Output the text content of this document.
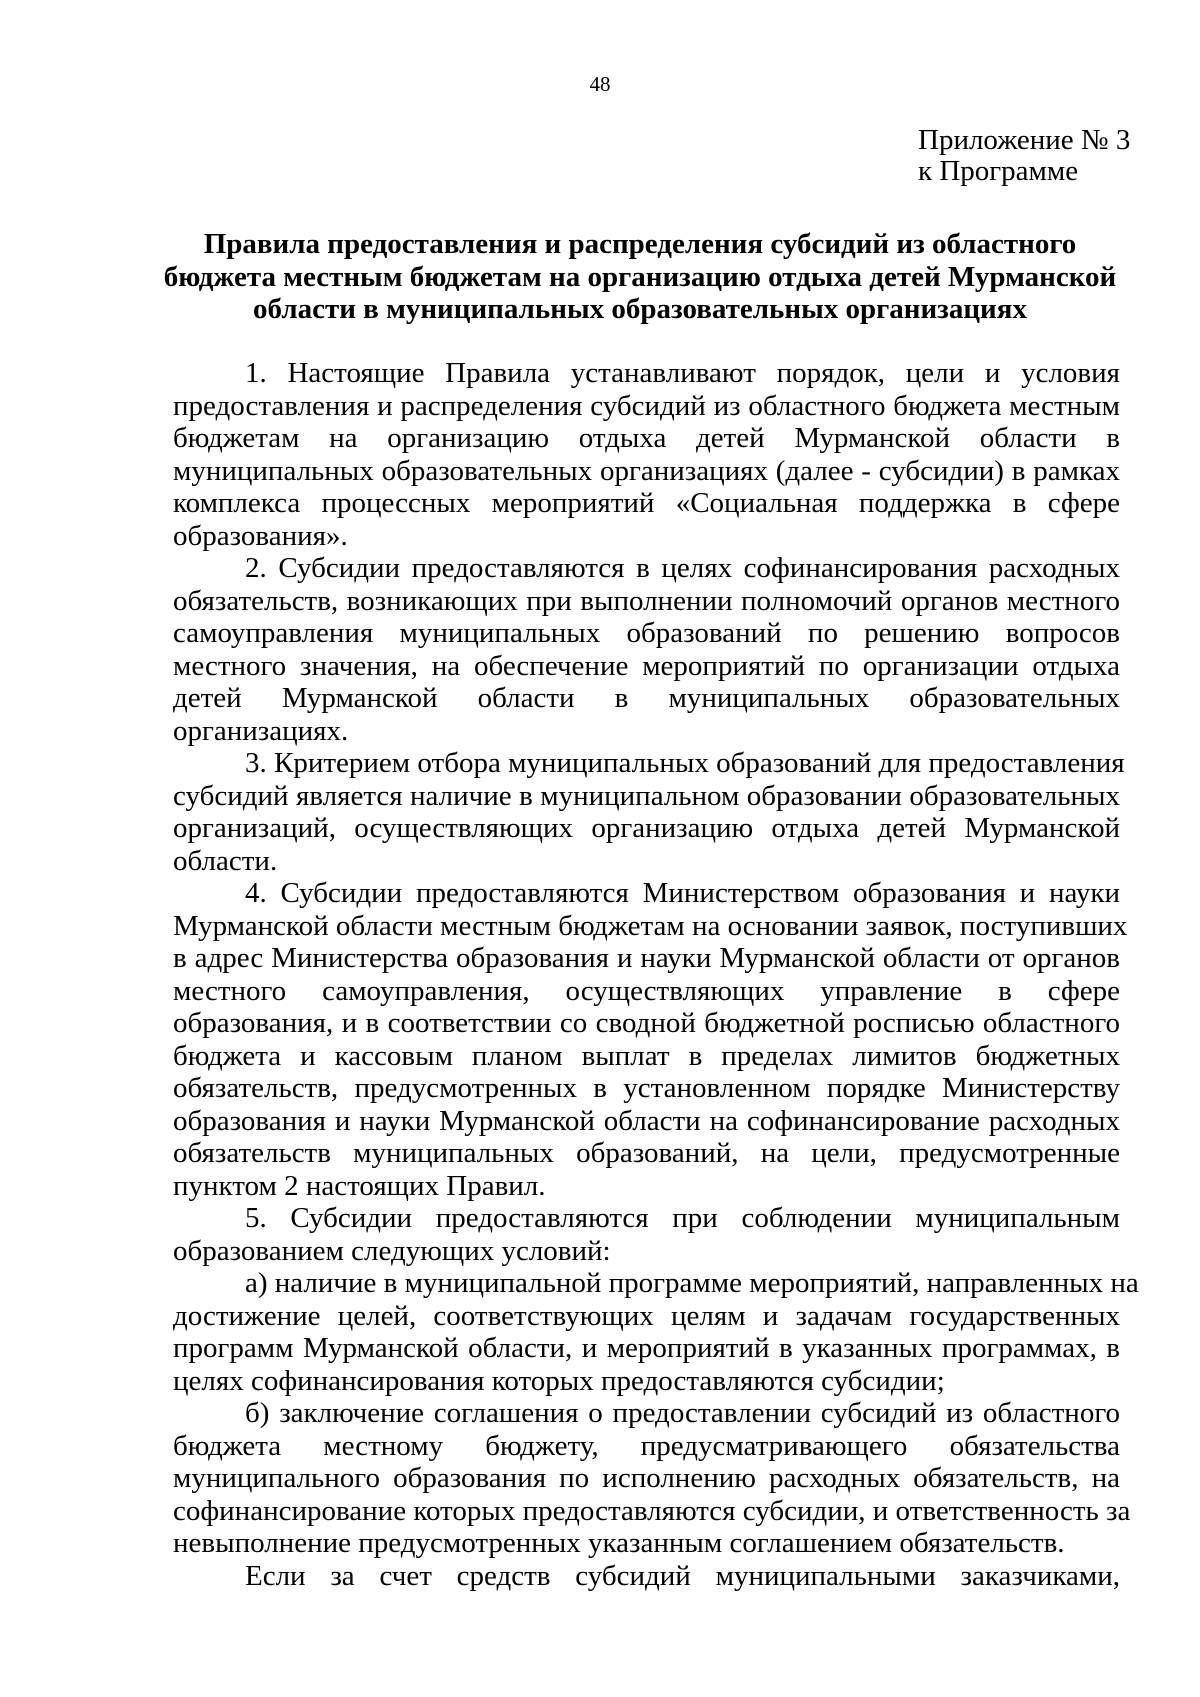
48
Приложение № 3
к Программе
Правила предоставления и распределения субсидий из областного
бюджета местным бюджетам на организацию отдыха детей Мурманской
области в муниципальных образовательных организациях
1. Настоящие Правила устанавливают порядок, цели и условия
предоставления и распределения субсидий из областного бюджета местным
бюджетам на организацию отдыха детей Мурманской области в
муниципальных образовательных организациях (далее - субсидии) в рамках
комплекса процессных мероприятий «Социальная поддержка в сфере
образования».
2. Субсидии предоставляются в целях софинансирования расходных
обязательств, возникающих при выполнении полномочий органов местного
самоуправления муниципальных образований по решению вопросов
местного значения, на обеспечение мероприятий по организации отдыха
детей Мурманской области в муниципальных образовательных
организациях.
3. Критерием отбора муниципальных образований для предоставления
субсидий является наличие в муниципальном образовании образовательных
организаций, осуществляющих организацию отдыха детей Мурманской
области.
4. Субсидии предоставляются Министерством образования и науки
Мурманской области местным бюджетам на основании заявок, поступивших
в адрес Министерства образования и науки Мурманской области от органов
местного самоуправления, осуществляющих управление в сфере
образования, и в соответствии со сводной бюджетной росписью областного
бюджета и кассовым планом выплат в пределах лимитов бюджетных
обязательств, предусмотренных в установленном порядке Министерству
образования и науки Мурманской области на софинансирование расходных
обязательств муниципальных образований, на цели, предусмотренные
пунктом 2 настоящих Правил.
5. Субсидии предоставляются при соблюдении муниципальным
образованием следующих условий:
а) наличие в муниципальной программе мероприятий, направленных на
достижение целей, соответствующих целям и задачам государственных
программ Мурманской области, и мероприятий в указанных программах, в
целях софинансирования которых предоставляются субсидии;
б) заключение соглашения о предоставлении субсидий из областного
бюджета местному бюджету, предусматривающего обязательства
муниципального образования по исполнению расходных обязательств, на
софинансирование которых предоставляются субсидии, и ответственность за
невыполнение предусмотренных указанным соглашением обязательств.
Если за счет средств субсидий муниципальными заказчиками,
